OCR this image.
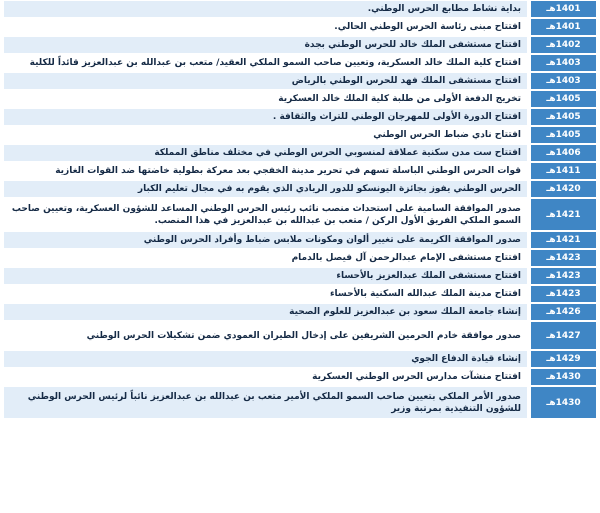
1401هـ
بداية نشاط مطابع الحرس الوطني.
1401هـ
افتتاح مبنى رئاسة الحرس الوطني الحالي.
1402هـ
افتتاح مستشفى الملك خالد للحرس الوطني بجدة
1403هـ
افتتاح كلية الملك خالد العسكرية، وتعيين صاحب السمو الملكي العقيد/ متعب بن عبدالله بن عبدالعزيز قائداً للكلية
1403هـ
افتتاح مستشفى الملك فهد للحرس الوطني بالرياض
1405هـ
تخريج الدفعة الأولى من طلبة كلية الملك خالد العسكرية
1405هـ
افتتاح الدورة الأولى للمهرجان الوطني للتراث والثقافة .
1405هـ
افتتاح نادي ضباط الحرس الوطني
1406هـ
افتتاح ست مدن سكنية عملاقة لمنسوبي الحرس الوطني في مختلف مناطق المملكة
1411هـ
قوات الحرس الوطني الباسلة تسهم في تحرير مدينة الخفجي بعد معركة بطولية خاضتها ضد القوات الغازية
1420هـ
الحرس الوطني يفوز بجائزة اليونسكو للدور الريادي الذي يقوم به في مجال تعليم الكبار
1421هـ
صدور الموافقة السامية على استحداث منصب نائب رئيس الحرس الوطني المساعد للشؤون العسكرية، وتعيين صاحب السمو الملكي الفريق الأول الركن / متعب بن عبدالله بن عبدالعزيز في هذا المنصب.
1421هـ
صدور الموافقة الكريمة على تغيير ألوان ومكونات ملابس ضباط وأفراد الحرس الوطني
1423هـ
افتتاح مستشفى الإمام عبدالرحمن آل فيصل بالدمام
1423هـ
افتتاح مستشفى الملك عبدالعزيز بالأحساء
1423هـ
افتتاح مدينة الملك عبدالله السكنية بالأحساء
1426هـ
إنشاء جامعة الملك سعود بن عبدالعزيز للعلوم الصحية
1427هـ
صدور موافقة خادم الحرمين الشريفين على إدخال الطيران العمودي ضمن تشكيلات الحرس الوطني
1429هـ
إنشاء قيادة الدفاع الجوي
1430هـ
افتتاح منشآت مدارس الحرس الوطني العسكرية
1430هـ
صدور الأمر الملكي بتعيين صاحب السمو الملكي الأمير متعب بن عبدالله بن عبدالعزيز نائباً لرئيس الحرس الوطني للشؤون التنفيذية بمرتبة وزير
